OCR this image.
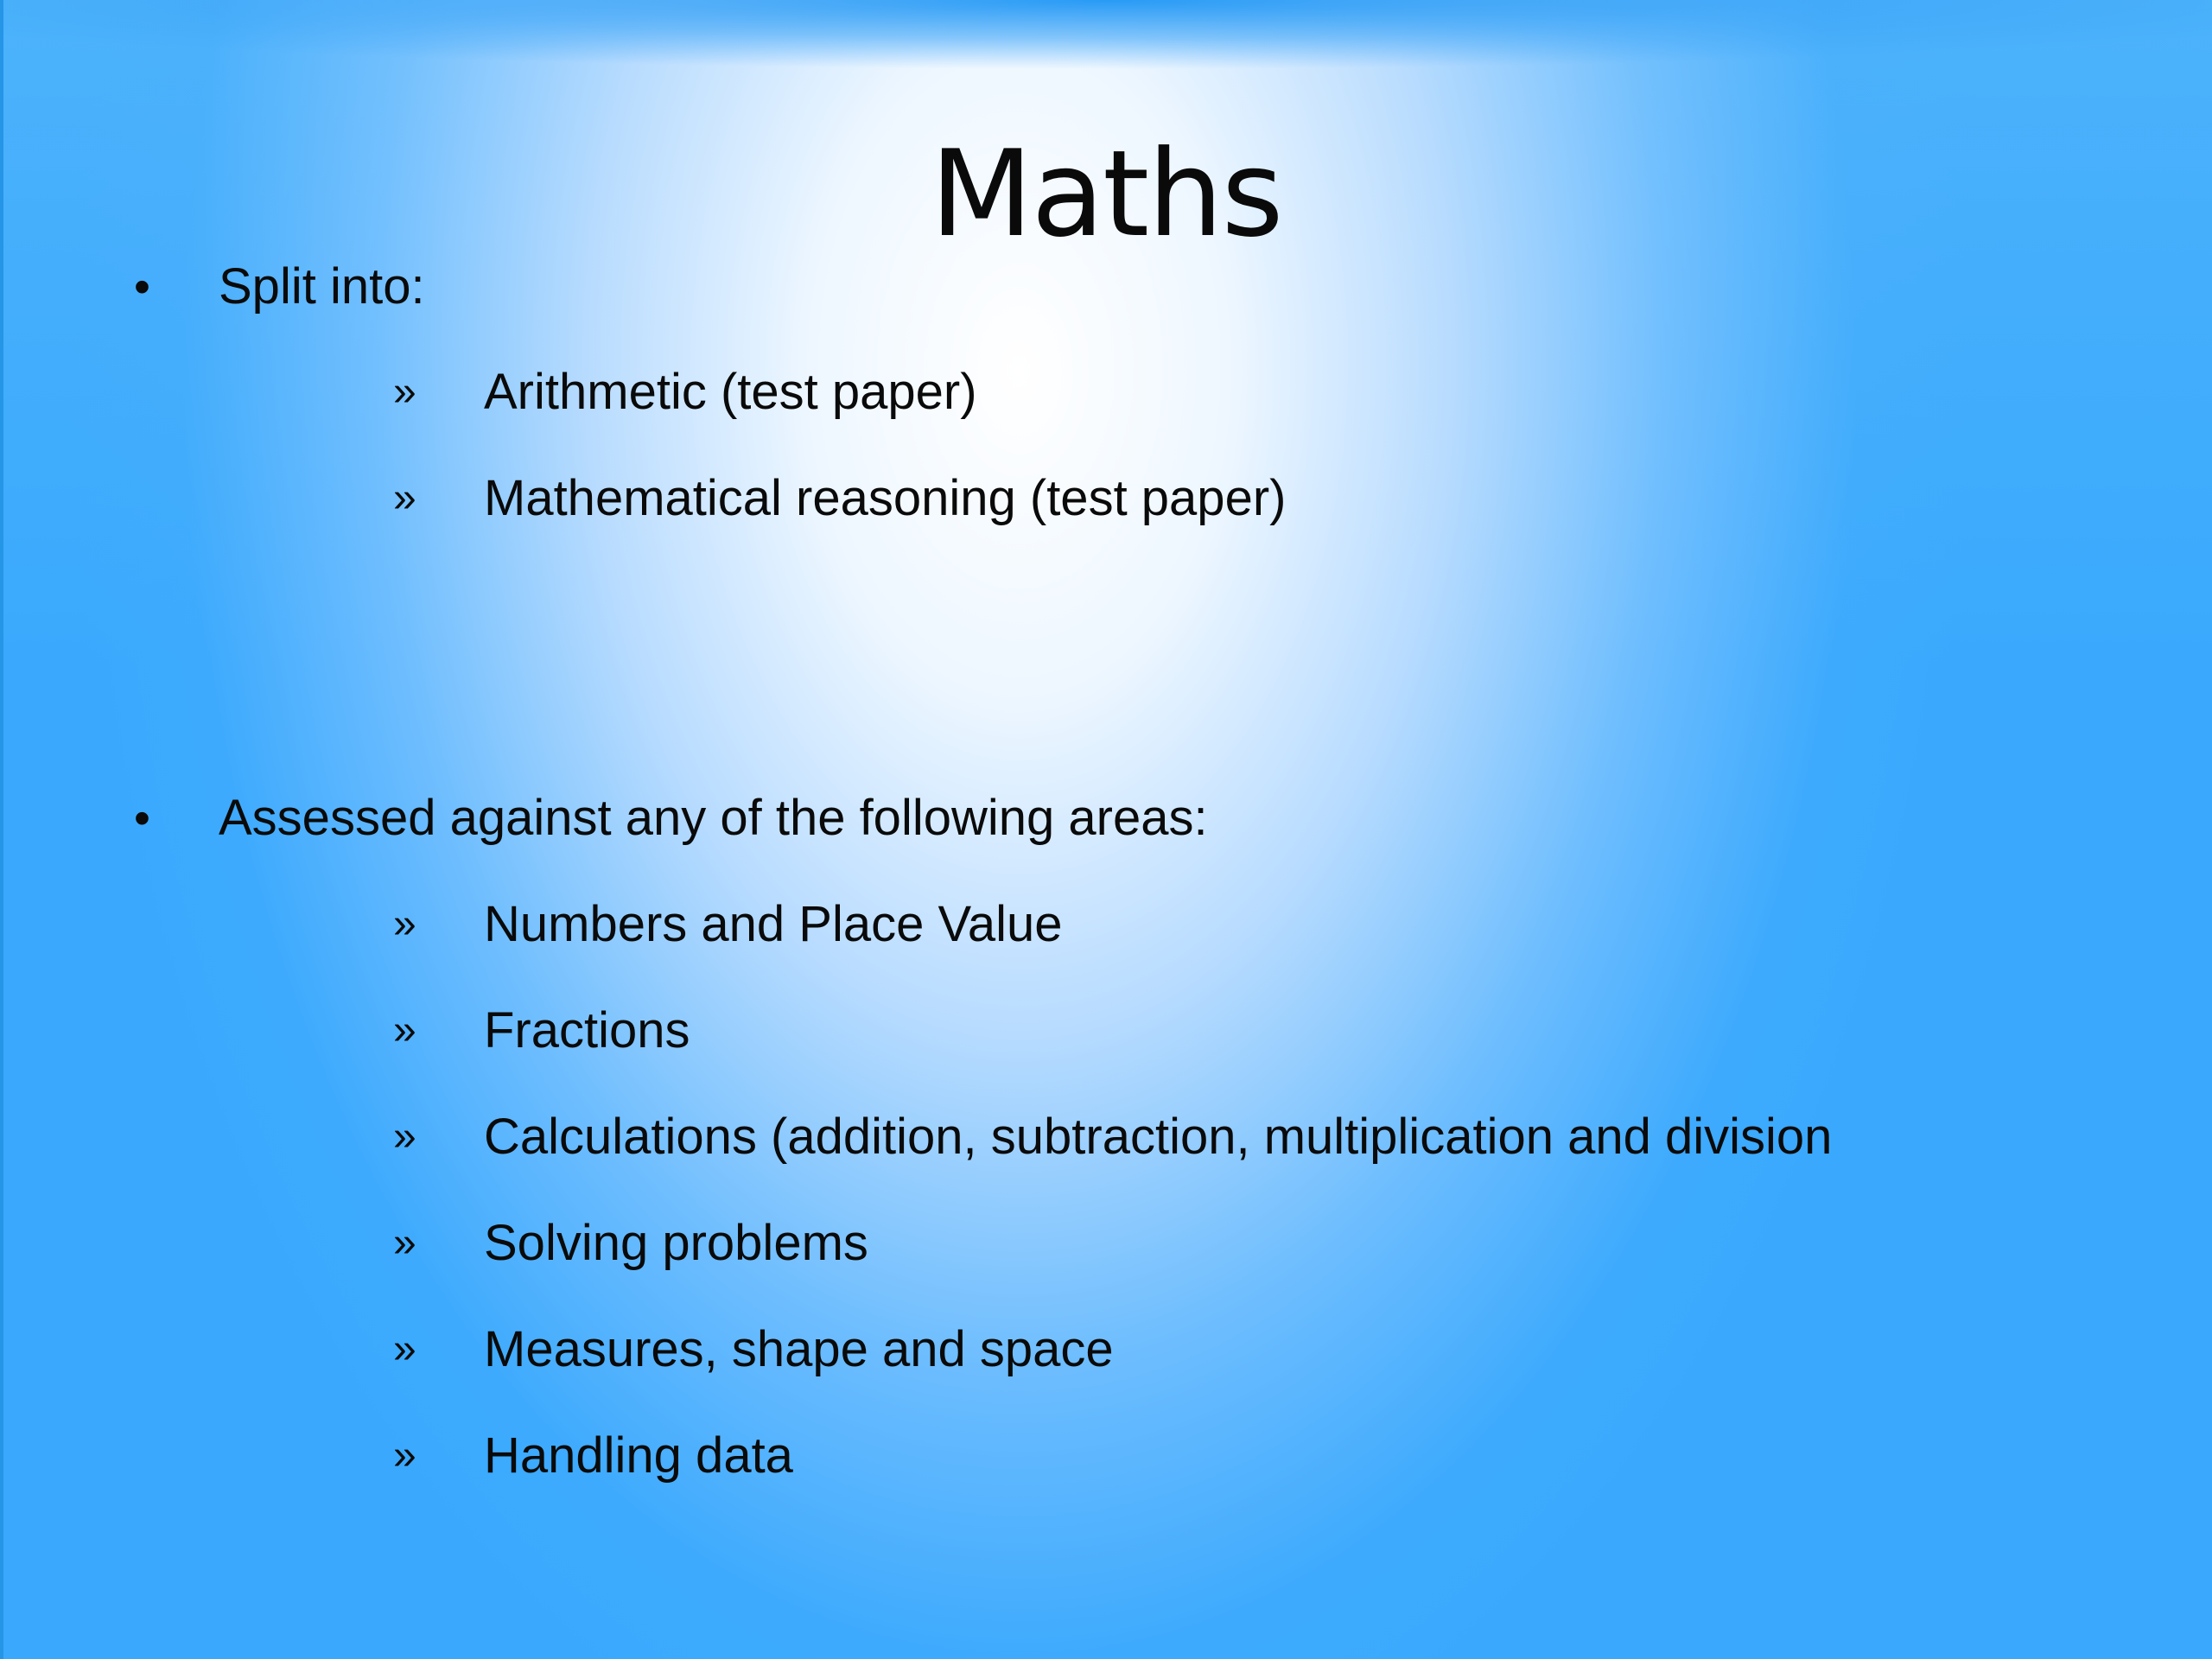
Maths
• Split into:
» Arithmetic (test paper)
» Mathematical reasoning (test paper)
• Assessed against any of the following areas:
» Numbers and Place Value
» Fractions
» Calculations (addition, subtraction, multiplication and division
» Solving problems
» Measures, shape and space
» Handling data
